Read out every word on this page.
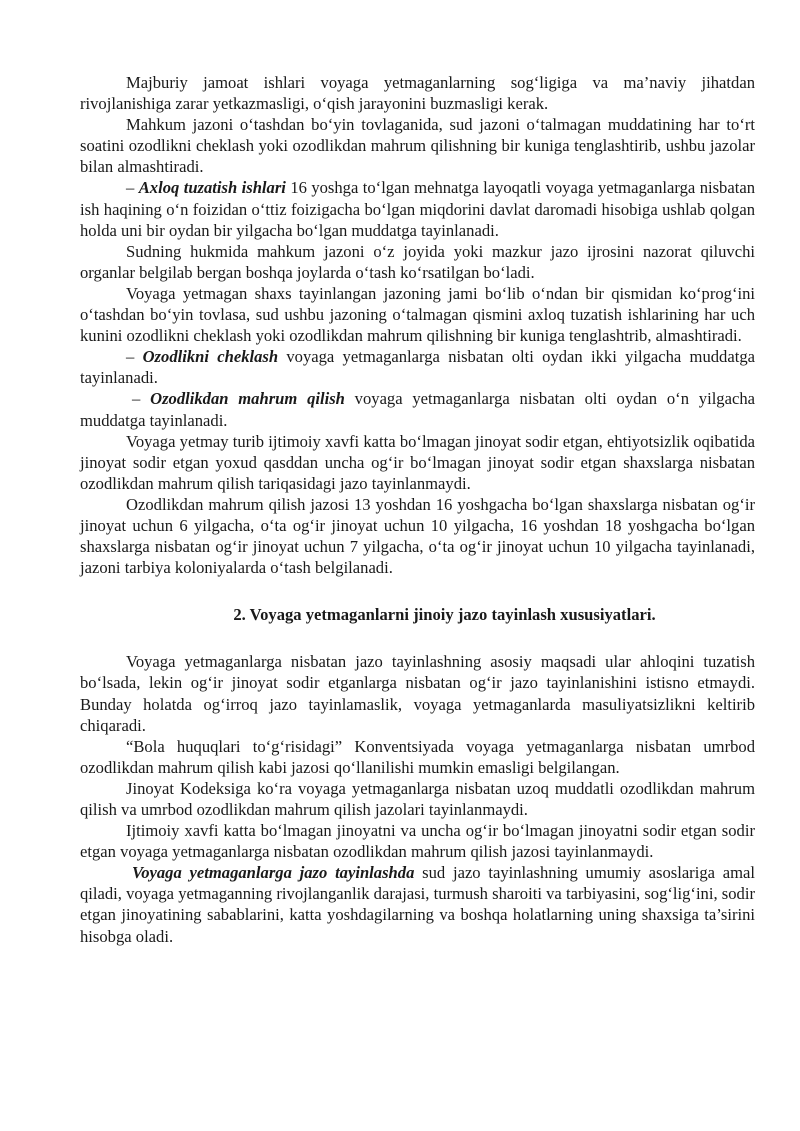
Majburiy jamoat ishlari voyaga yetmaganlarning sog‘ligiga va ma’naviy jihatdan rivojlanishiga zarar yetkazmasligi, o‘qish jarayonini buzmasligi kerak.

Mahkum jazoni o‘tashdan bo‘yin tovlaganida, sud jazoni o‘talmagan muddatining har to‘rt soatini ozodlikni cheklash yoki ozodlikdan mahrum qilishning bir kuniga tenglashtirib, ushbu jazolar bilan almashtiradi.

– Axloq tuzatish ishlari 16 yoshga to‘lgan mehnatga layoqatli voyaga yetmaganlarga nisbatan ish haqining o‘n foizidan o‘ttiz foizigacha bo‘lgan miqdorini davlat daromadi hisobiga ushlab qolgan holda uni bir oydan bir yilgacha bo‘lgan muddatga tayinlanadi.

Sudning hukmida mahkum jazoni o‘z joyida yoki mazkur jazo ijrosini nazorat qiluvchi organlar belgilab bergan boshqa joylarda o‘tash ko‘rsatilgan bo‘ladi.

Voyaga yetmagan shaxs tayinlangan jazoning jami bo‘lib o‘ndan bir qismidan ko‘prog‘ini o‘tashdan bo‘yin tovlasa, sud ushbu jazoning o‘talmagan qismini axloq tuzatish ishlarining har uch kunini ozodlikni cheklash yoki ozodlikdan mahrum qilishning bir kuniga tenglashtrib, almashtiradi.

– Ozodlikni cheklash voyaga yetmaganlarga nisbatan olti oydan ikki yilgacha muddatga tayinlanadi.

– Ozodlikdan mahrum qilish voyaga yetmaganlarga nisbatan olti oydan o‘n yilgacha muddatga tayinlanadi.

Voyaga yetmay turib ijtimoiy xavfi katta bo‘lmagan jinoyat sodir etgan, ehtiyotsizlik oqibatida jinoyat sodir etgan yoxud qasddan uncha og‘ir bo‘lmagan jinoyat sodir etgan shaxslarga nisbatan ozodlikdan mahrum qilish tariqasidagi jazo tayinlanmaydi.

Ozodlikdan mahrum qilish jazosi 13 yoshdan 16 yoshgacha bo‘lgan shaxslarga nisbatan og‘ir jinoyat uchun 6 yilgacha, o‘ta og‘ir jinoyat uchun 10 yilgacha, 16 yoshdan 18 yoshgacha bo‘lgan shaxslarga nisbatan og‘ir jinoyat uchun 7 yilgacha, o‘ta og‘ir jinoyat uchun 10 yilgacha tayinlanadi, jazoni tarbiya koloniyalarda o‘tash belgilanadi.

2. Voyaga yetmaganlarni jinoiy jazo tayinlash xususiyatlari.

Voyaga yetmaganlarga nisbatan jazo tayinlashning asosiy maqsadi ular ahloqini tuzatish bo‘lsada, lekin og‘ir jinoyat sodir etganlarga nisbatan og‘ir jazo tayinlanishini istisno etmaydi. Bunday holatda og‘irroq jazo tayinlamaslik, voyaga yetmaganlarda masuliyatsizlikni keltirib chiqaradi.

“Bola huquqlari to‘g‘risidagi” Konventsiyada voyaga yetmaganlarga nisbatan umrbod ozodlikdan mahrum qilish kabi jazosi qo‘llanilishi mumkin emasligi belgilangan.

Jinoyat Kodeksiga ko‘ra voyaga yetmaganlarga nisbatan uzoq muddatli ozodlikdan mahrum qilish va umrbod ozodlikdan mahrum qilish jazolari tayinlanmaydi.

Ijtimoiy xavfi katta bo‘lmagan jinoyatni va uncha og‘ir bo‘lmagan jinoyatni sodir etgan sodir etgan voyaga yetmaganlarga nisbatan ozodlikdan mahrum qilish jazosi tayinlanmaydi.

Voyaga yetmaganlarga jazo tayinlashda sud jazo tayinlashning umumiy asoslariga amal qiladi, voyaga yetmaganning rivojlanganlik darajasi, turmush sharoiti va tarbiyasini, sog‘lig‘ini, sodir etgan jinoyatining sabablarini, katta yoshdagilarning va boshqa holatlarning uning shaxsiga ta’sirini hisobga oladi.
